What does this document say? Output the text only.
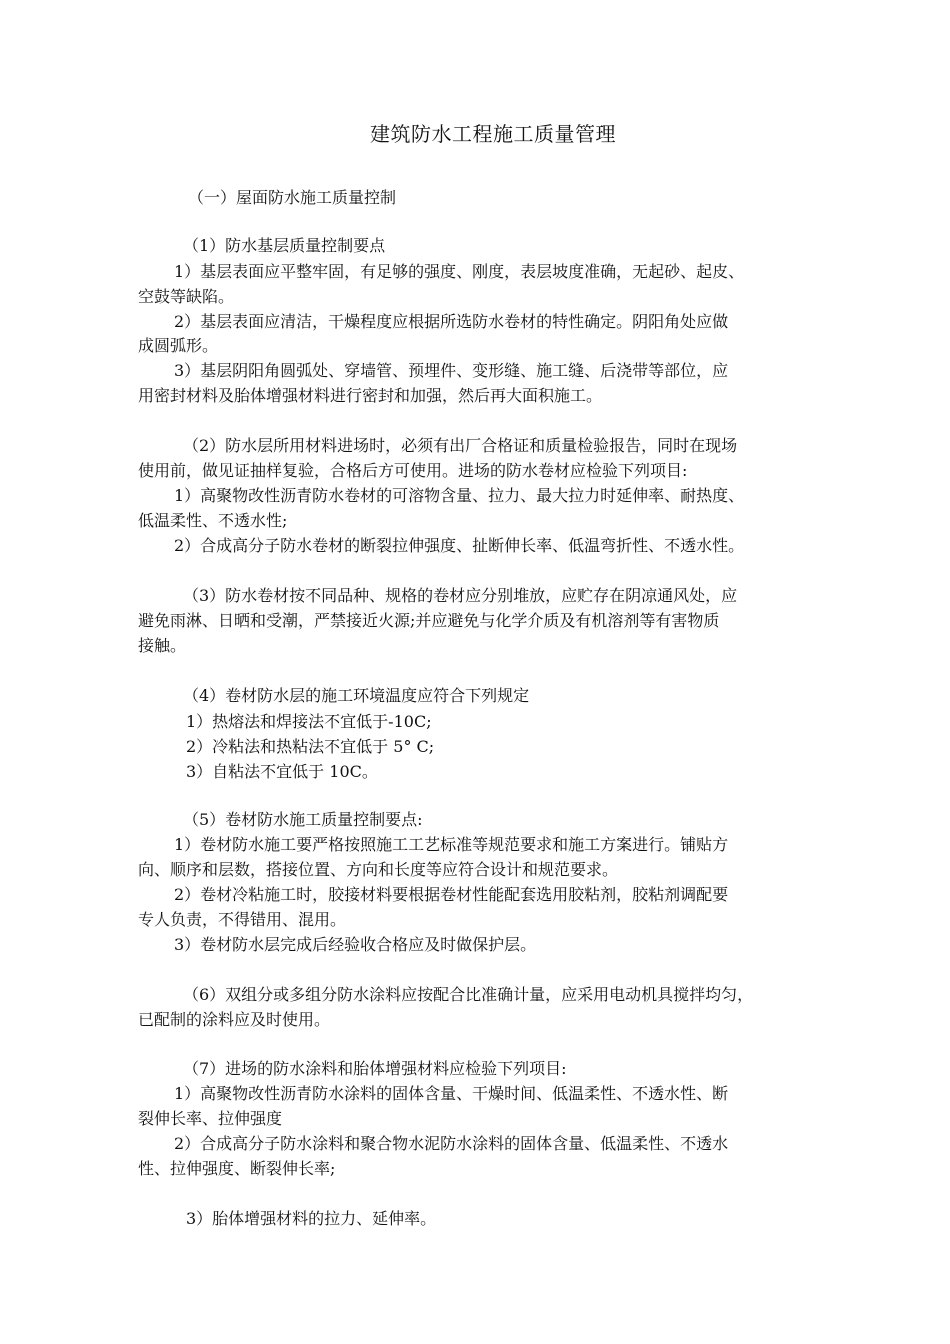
建筑防水工程施工质量管理
（一）屋面防水施工质量控制
（1）防水基层质量控制要点
1）基层表面应平整牢固，有足够的强度、刚度，表层坡度准确，无起砂、起皮、
空鼓等缺陷。
2）基层表面应清洁，干燥程度应根据所选防水卷材的特性确定。阴阳角处应做
成圆弧形。
3）基层阴阳角圆弧处、穿墙管、预埋件、变形缝、施工缝、后浇带等部位，应
用密封材料及胎体增强材料进行密封和加强，然后再大面积施工。
（2）防水层所用材料进场时，必须有出厂合格证和质量检验报告，同时在现场
使用前，做见证抽样复验，合格后方可使用。进场的防水卷材应检验下列项目:
1）高聚物改性沥青防水卷材的可溶物含量、拉力、最大拉力时延伸率、耐热度、
低温柔性、不透水性;
2）合成高分子防水卷材的断裂拉伸强度、扯断伸长率、低温弯折性、不透水性。
（3）防水卷材按不同品种、规格的卷材应分别堆放，应贮存在阴凉通风处，应
避免雨淋、日晒和受潮，严禁接近火源;并应避免与化学介质及有机溶剂等有害物质
接触。
（4）卷材防水层的施工环境温度应符合下列规定
1）热熔法和焊接法不宜低于-10C;
2）冷粘法和热粘法不宜低于 5° C;
3）自粘法不宜低于 10C。
（5）卷材防水施工质量控制要点:
1）卷材防水施工要严格按照施工工艺标准等规范要求和施工方案进行。铺贴方
向、顺序和层数，搭接位置、方向和长度等应符合设计和规范要求。
2）卷材冷粘施工时，胶接材料要根据卷材性能配套选用胶粘剂，胶粘剂调配要
专人负责，不得错用、混用。
3）卷材防水层完成后经验收合格应及时做保护层。
（6）双组分或多组分防水涂料应按配合比准确计量，应采用电动机具搅拌均匀，
已配制的涂料应及时使用。
（7）进场的防水涂料和胎体增强材料应检验下列项目:
1）高聚物改性沥青防水涂料的固体含量、干燥时间、低温柔性、不透水性、断
裂伸长率、拉伸强度
2）合成高分子防水涂料和聚合物水泥防水涂料的固体含量、低温柔性、不透水
性、拉伸强度、断裂伸长率;
3）胎体增强材料的拉力、延伸率。
